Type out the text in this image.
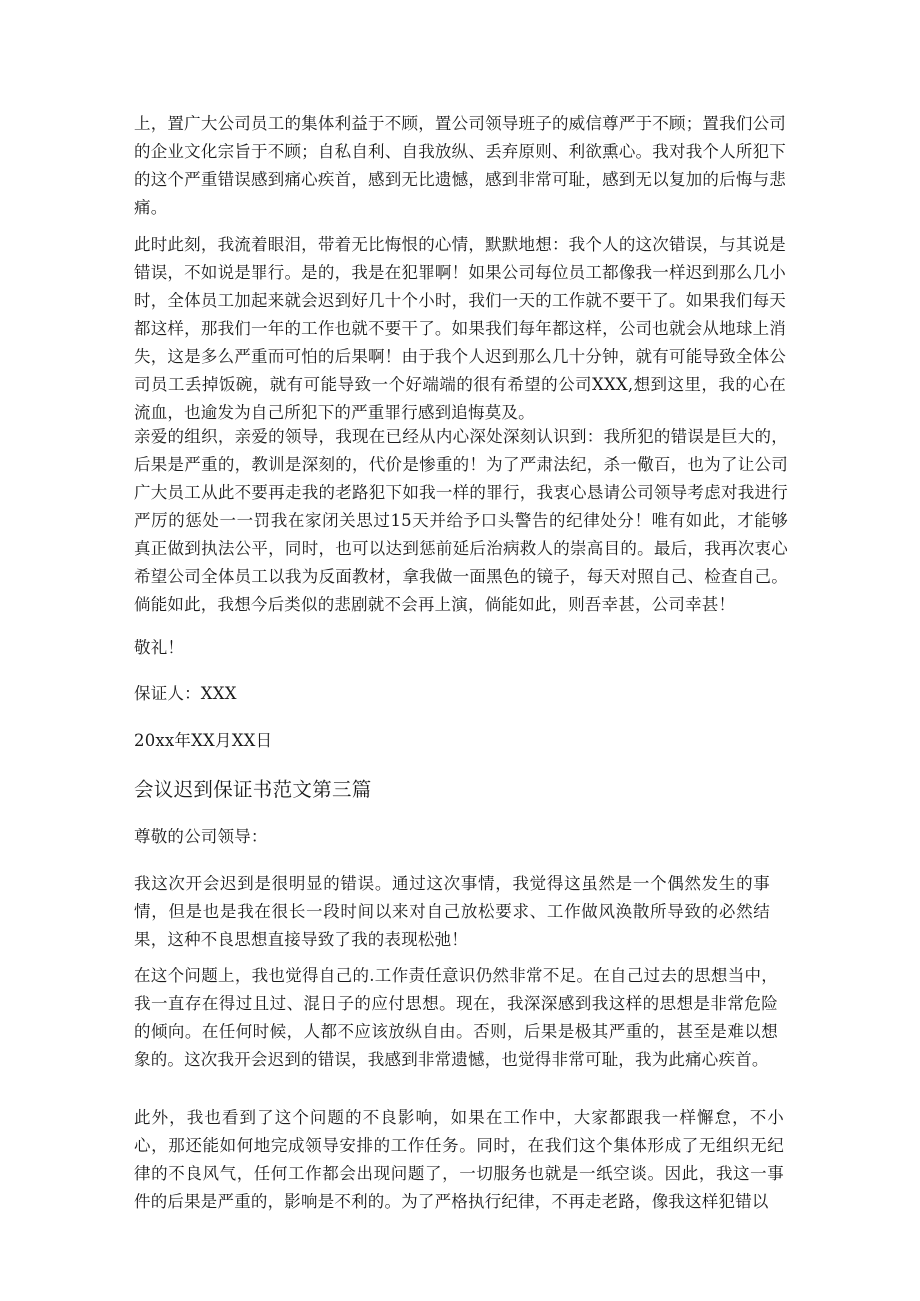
上，置广大公司员工的集体利益于不顾，置公司领导班子的威信尊严于不顾；置我们公司的企业文化宗旨于不顾；自私自利、自我放纵、丢弃原则、利欲熏心。我对我个人所犯下的这个严重错误感到痛心疾首，感到无比遗憾，感到非常可耻，感到无以复加的后悔与悲痛。

此时此刻，我流着眼泪，带着无比悔恨的心情，默默地想：我个人的这次错误，与其说是错误，不如说是罪行。是的，我是在犯罪啊！如果公司每位员工都像我一样迟到那么几小时，全体员工加起来就会迟到好几十个小时，我们一天的工作就不要干了。如果我们每天都这样，那我们一年的工作也就不要干了。如果我们每年都这样，公司也就会从地球上消失，这是多么严重而可怕的后果啊！由于我个人迟到那么几十分钟，就有可能导致全体公司员工丢掉饭碗，就有可能导致一个好端端的很有希望的公司XXX,想到这里，我的心在流血，也逾发为自己所犯下的严重罪行感到追悔莫及。

亲爱的组织，亲爱的领导，我现在已经从内心深处深刻认识到：我所犯的错误是巨大的，后果是严重的，教训是深刻的，代价是惨重的！为了严肃法纪，杀一儆百，也为了让公司广大员工从此不要再走我的老路犯下如我一样的罪行，我衷心恳请公司领导考虑对我进行严厉的惩处一一罚我在家闭关思过15天并给予口头警告的纪律处分！唯有如此，才能够真正做到执法公平，同时，也可以达到惩前延后治病救人的崇高目的。最后，我再次衷心希望公司全体员工以我为反面教材，拿我做一面黑色的镜子，每天对照自己、检查自己。倘能如此，我想今后类似的悲剧就不会再上演，倘能如此，则吾幸甚，公司幸甚！

敬礼！

保证人：XXX

20xx年XX月XX日

会议迟到保证书范文第三篇

尊敬的公司领导：

我这次开会迟到是很明显的错误。通过这次事情，我觉得这虽然是一个偶然发生的事情，但是也是我在很长一段时间以来对自己放松要求、工作做风涣散所导致的必然结果，这种不良思想直接导致了我的表现松弛！

在这个问题上，我也觉得自己的.工作责任意识仍然非常不足。在自己过去的思想当中，我一直存在得过且过、混日子的应付思想。现在，我深深感到我这样的思想是非常危险的倾向。在任何时候，人都不应该放纵自由。否则，后果是极其严重的，甚至是难以想象的。这次我开会迟到的错误，我感到非常遗憾，也觉得非常可耻，我为此痛心疾首。

此外，我也看到了这个问题的不良影响，如果在工作中，大家都跟我一样懈怠，不小心，那还能如何地完成领导安排的工作任务。同时，在我们这个集体形成了无组织无纪律的不良风气，任何工作都会出现问题了，一切服务也就是一纸空谈。因此，我这一事件的后果是严重的，影响是不利的。为了严格执行纪律，不再走老路，像我这样犯错以
